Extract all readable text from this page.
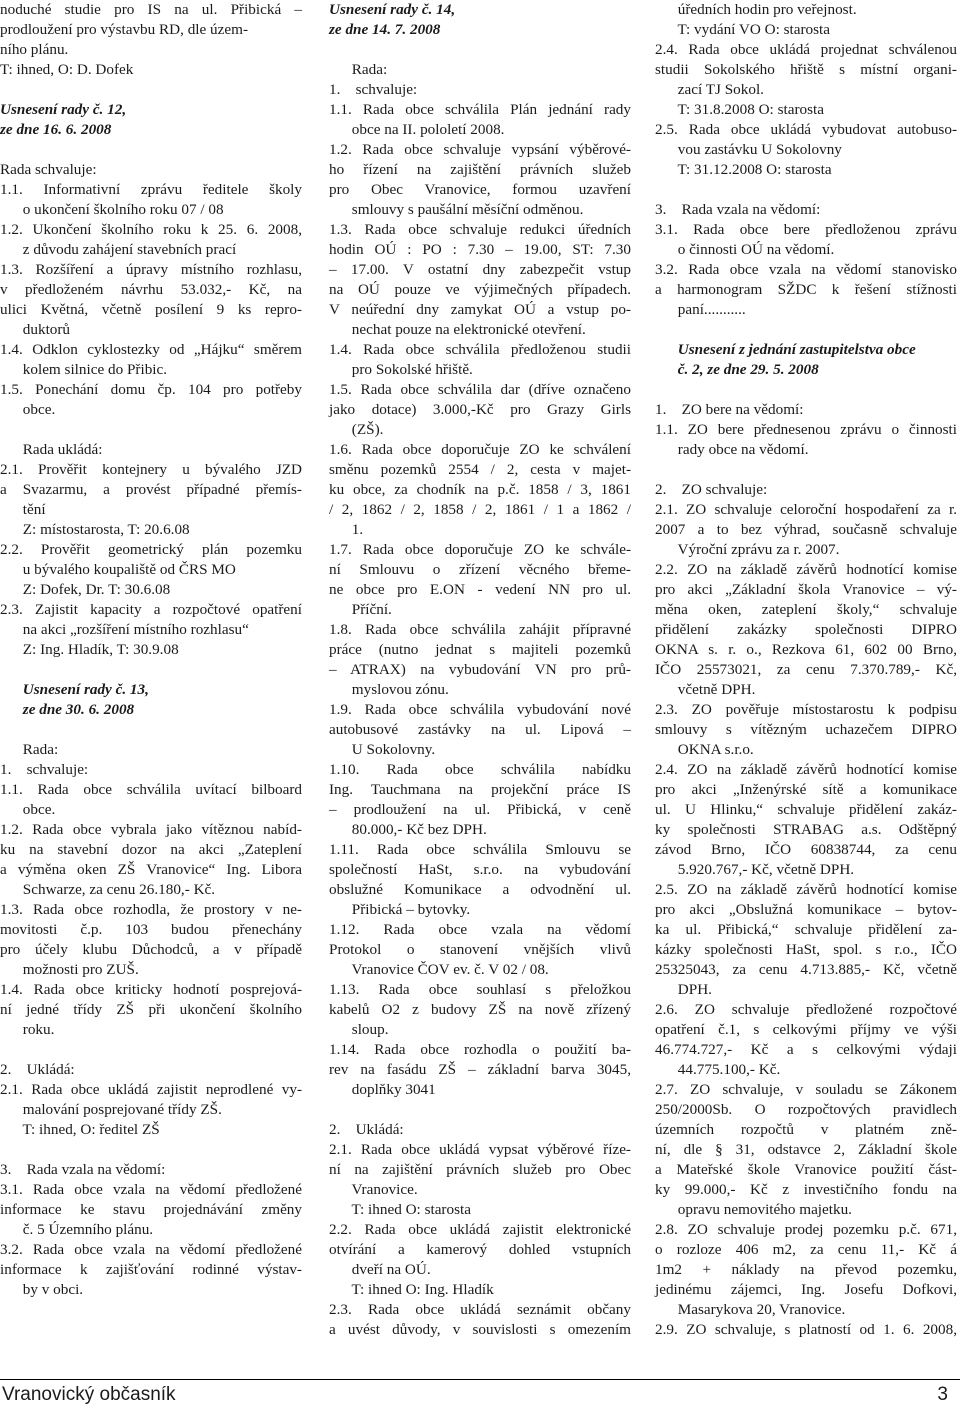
noduché studie pro IS na ul. Přibická –
prodloužení pro výstavbu RD, dle územ-
ního plánu.
T: ihned, O: D. Dofek
Usnesení rady č. 12,
ze dne 16. 6. 2008
Rada schvaluje:
1.1. Informativní zprávu ředitele školy
o ukončení školního roku 07 / 08
1.2. Ukončení školního roku k 25. 6. 2008,
z důvodu zahájení stavebních prací
1.3. Rozšíření a úpravy místního rozhlasu,
v předloženém návrhu 53.032,- Kč, na
ulici Květná, včetně posílení 9 ks repro-
duktorů
1.4. Odklon cyklostezky od „Hájku“ směrem
kolem silnice do Přibic.
1.5. Ponechání domu čp. 104 pro potřeby
obce.
Rada ukládá:
2.1. Prověřit kontejnery u bývalého JZD
a Svazarmu, a provést případné přemís-
tění
Z: místostarosta, T: 20.6.08
2.2. Prověřit geometrický plán pozemku
u bývalého koupaliště od ČRS MO
Z: Dofek, Dr. T: 30.6.08
2.3. Zajistit kapacity a rozpočtové opatření
na akci „rozšíření místního rozhlasu“
Z: Ing. Hladík, T: 30.9.08
Usnesení rady č. 13,
ze dne 30. 6. 2008
Rada:
1.    schvaluje:
1.1. Rada obce schválila uvítací bilboard
obce.
1.2. Rada obce vybrala jako vítěznou nabíd-
ku na stavební dozor na akci „Zateplení
a výměna oken ZŠ Vranovice“ Ing. Libora
Schwarze, za cenu 26.180,- Kč.
1.3. Rada obce rozhodla, že prostory v ne-
movitosti č.p. 103 budou přenechány
pro účely klubu Důchodců, a v případě
možnosti pro ZUŠ.
1.4. Rada obce kriticky hodnotí posprejová-
ní jedné třídy ZŠ při ukončení školního
roku.
2.    Ukládá:
2.1. Rada obce ukládá zajistit neprodlené vy-
malování posprejované třídy ZŠ.
T: ihned, O: ředitel ZŠ
3.    Rada vzala na vědomí:
3.1. Rada obce vzala na vědomí předložené
informace ke stavu projednávání změny
č. 5 Územního plánu.
3.2. Rada obce vzala na vědomí předložené
informace k zajišťování rodinné výstav-
by v obci.
Usnesení rady č. 14,
ze dne 14. 7. 2008
Rada:
1.    schvaluje:
1.1. Rada obce schválila Plán jednání rady
obce na II. pololetí 2008.
1.2. Rada obce schvaluje vypsání výběrové-
ho řízení na zajištění právních služeb
pro Obec Vranovice, formou uzavření
smlouvy s paušální měsíční odměnou.
1.3. Rada obce schvaluje redukci úředních
hodin OÚ : PO : 7.30 – 19.00, ST: 7.30
– 17.00. V ostatní dny zabezpečit vstup
na OÚ pouze ve výjimečných případech.
V neúřední dny zamykat OÚ a vstup po-
nechat pouze na elektronické otevření.
1.4. Rada obce schválila předloženou studii
pro Sokolské hřiště.
1.5. Rada obce schválila dar (dříve označeno
jako dotace) 3.000,-Kč pro Grazy Girls
(ZŠ).
1.6. Rada obce doporučuje ZO ke schválení
směnu pozemků 2554 / 2, cesta v majet-
ku obce, za chodník na p.č. 1858 / 3, 1861
/ 2, 1862 / 2, 1858 / 2, 1861 / 1 a 1862 /
1.
1.7. Rada obce doporučuje ZO ke schvále-
ní Smlouvu o zřízení věcného břeme-
ne obce pro E.ON - vedení NN pro ul.
Příční.
1.8. Rada obce schválila zahájit přípravné
práce (nutno jednat s majiteli pozemků
– ATRAX) na vybudování VN pro prů-
myslovou zónu.
1.9. Rada obce schválila vybudování nové
autobusové zastávky na ul. Lipová –
U Sokolovny.
1.10. Rada obce schválila nabídku
Ing. Tauchmana na projekční práce IS
– prodloužení na ul. Přibická, v ceně
80.000,- Kč bez DPH.
1.11. Rada obce schválila Smlouvu se
společností HaSt, s.r.o. na vybudování
obslužné Komunikace a odvodnění ul.
Přibická – bytovky.
1.12. Rada obce vzala na vědomí
Protokol o stanovení vnějších vlivů
Vranovice ČOV ev. č. V 02 / 08.
1.13. Rada obce souhlasí s přeložkou
kabelů O2 z budovy ZŠ na nově zřízený
sloup.
1.14. Rada obce rozhodla o použití ba-
rev na fasádu ZŠ – základní barva 3045,
doplňky 3041
2.    Ukládá:
2.1. Rada obce ukládá vypsat výběrové říze-
ní na zajištění právních služeb pro Obec
Vranovice.
T: ihned O: starosta
2.2. Rada obce ukládá zajistit elektronické
otvírání a kamerový dohled vstupních
dveří na OÚ.
T: ihned O: Ing. Hladík
2.3. Rada obce ukládá seznámit občany
a uvést důvody, v souvislosti s omezením
úředních hodin pro veřejnost.
T: vydání VO O: starosta
2.4. Rada obce ukládá projednat schválenou
studii Sokolského hřiště s místní organi-
zací TJ Sokol.
T: 31.8.2008 O: starosta
2.5. Rada obce ukládá vybudovat autobuso-
vou zastávku U Sokolovny
T: 31.12.2008 O: starosta
3.    Rada vzala na vědomí:
3.1. Rada obce bere předloženou zprávu
o činnosti OÚ na vědomí.
3.2. Rada obce vzala na vědomí stanovisko
a harmonogram SŽDC k řešení stížnosti
paní...........
Usnesení z jednání zastupitelstva obce
č. 2, ze dne 29. 5. 2008
1.    ZO bere na vědomí:
1.1. ZO bere přednesenou zprávu o činnosti
rady obce na vědomí.
2.    ZO schvaluje:
2.1. ZO schvaluje celoroční hospodaření za r.
2007 a to bez výhrad, současně schvaluje
Výroční zprávu za r. 2007.
2.2. ZO na základě závěrů hodnotící komise
pro akci „Základní škola Vranovice – vý-
měna oken, zateplení školy,“ schvaluje
přidělení zakázky společnosti DIPRO
OKNA s. r. o., Rezkova 61, 602 00 Brno,
IČO 25573021, za cenu 7.370.789,- Kč,
včetně DPH.
2.3. ZO pověřuje místostarostu k podpisu
smlouvy s vítězným uchazečem DIPRO
OKNA s.r.o.
2.4. ZO na základě závěrů hodnotící komise
pro akci „Inženýrské sítě a komunikace
ul. U Hlinku,“ schvaluje přidělení zakáz-
ky společnosti STRABAG a.s. Odštěpný
závod Brno, IČO 60838744, za cenu
5.920.767,- Kč, včetně DPH.
2.5. ZO na základě závěrů hodnotící komise
pro akci „Obslužná komunikace – bytov-
ka ul. Přibická,“ schvaluje přidělení za-
kázky společnosti HaSt, spol. s r.o., IČO
25325043, za cenu 4.713.885,- Kč, včetně
DPH.
2.6. ZO schvaluje předložené rozpočtové
opatření č.1, s celkovými příjmy ve výši
46.774.727,- Kč a s celkovými výdaji
44.775.100,- Kč.
2.7. ZO schvaluje, v souladu se Zákonem
250/2000Sb. O rozpočtových pravidlech
územních rozpočtů v platném zně-
ní, dle § 31, odstavce 2, Základní škole
a Mateřské škole Vranovice použití část-
ky 99.000,- Kč z investičního fondu na
opravu nemovitého majetku.
2.8. ZO schvaluje prodej pozemku p.č. 671,
o rozloze 406 m2, za cenu 11,- Kč á
1m2 + náklady na převod pozemku,
jedinému zájemci, Ing. Josefu Dofkovi,
Masarykova 20, Vranovice.
2.9. ZO schvaluje, s platností od 1. 6. 2008,
Vranovický občasník	3
